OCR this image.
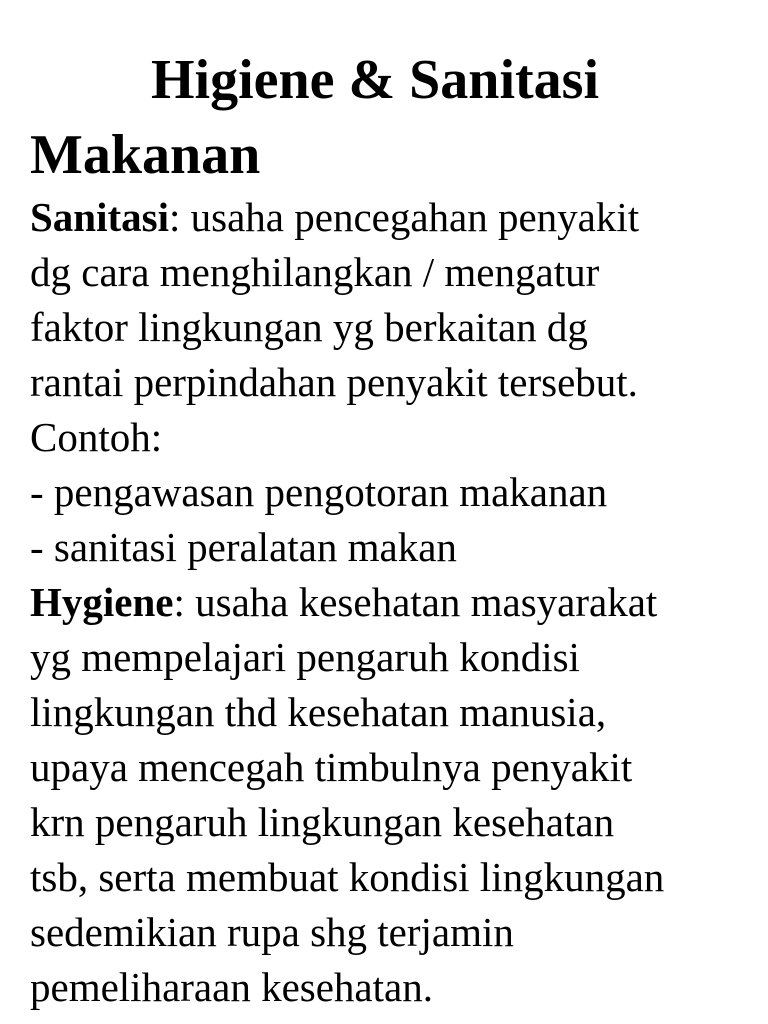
Higiene & Sanitasi
Makanan
Sanitasi: usaha pencegahan penyakit
dg cara menghilangkan / mengatur
faktor lingkungan yg berkaitan dg
rantai perpindahan penyakit tersebut.
Contoh:
- pengawasan pengotoran makanan
- sanitasi peralatan makan
Hygiene: usaha kesehatan masyarakat
yg mempelajari pengaruh kondisi
lingkungan thd kesehatan manusia,
upaya mencegah timbulnya penyakit
krn pengaruh lingkungan kesehatan
tsb, serta membuat kondisi lingkungan
sedemikian rupa shg terjamin
pemeliharaan kesehatan.
